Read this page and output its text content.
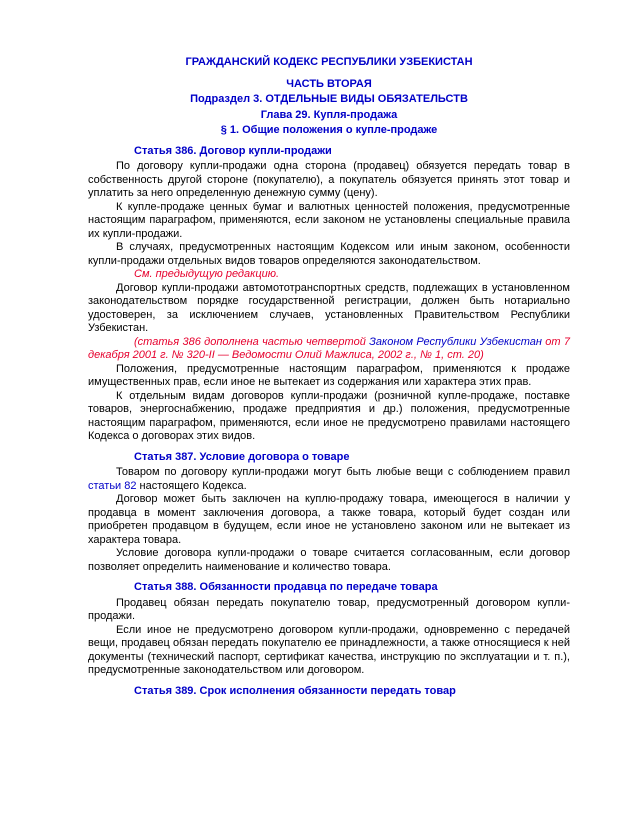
ГРАЖДАНСКИЙ КОДЕКС РЕСПУБЛИКИ УЗБЕКИСТАН
ЧАСТЬ ВТОРАЯ
Подраздел 3. ОТДЕЛЬНЫЕ ВИДЫ ОБЯЗАТЕЛЬСТВ
Глава 29. Купля-продажа
§ 1. Общие положения о купле-продаже
Статья 386. Договор купли-продажи

По договору купли-продажи одна сторона (продавец) обязуется передать товар в собственность другой стороне (покупателю), а покупатель обязуется принять этот товар и уплатить за него определенную денежную сумму (цену).

К купле-продаже ценных бумаг и валютных ценностей положения, предусмотренные настоящим параграфом, применяются, если законом не установлены специальные правила их купли-продажи.

В случаях, предусмотренных настоящим Кодексом или иным законом, особенности купли-продажи отдельных видов товаров определяются законодательством.

См. предыдущую редакцию.

Договор купли-продажи автомототранспортных средств, подлежащих в установленном законодательством порядке государственной регистрации, должен быть нотариально удостоверен, за исключением случаев, установленных Правительством Республики Узбекистан.

(статья 386 дополнена частью четвертой Законом Республики Узбекистан от 7 декабря 2001 г. № 320-II — Ведомости Олий Мажлиса, 2002 г., № 1, ст. 20)

Положения, предусмотренные настоящим параграфом, применяются к продаже имущественных прав, если иное не вытекает из содержания или характера этих прав.

К отдельным видам договоров купли-продажи (розничной купле-продаже, поставке товаров, энергоснабжению, продаже предприятия и др.) положения, предусмотренные настоящим параграфом, применяются, если иное не предусмотрено правилами настоящего Кодекса о договорах этих видов.

Статья 387. Условие договора о товаре

Товаром по договору купли-продажи могут быть любые вещи с соблюдением правил статьи 82 настоящего Кодекса.

Договор может быть заключен на куплю-продажу товара, имеющегося в наличии у продавца в момент заключения договора, а также товара, который будет создан или приобретен продавцом в будущем, если иное не установлено законом или не вытекает из характера товара.

Условие договора купли-продажи о товаре считается согласованным, если договор позволяет определить наименование и количество товара.

Статья 388. Обязанности продавца по передаче товара

Продавец обязан передать покупателю товар, предусмотренный договором купли-продажи.

Если иное не предусмотрено договором купли-продажи, одновременно с передачей вещи, продавец обязан передать покупателю ее принадлежности, а также относящиеся к ней документы (технический паспорт, сертификат качества, инструкцию по эксплуатации и т. п.), предусмотренные законодательством или договором.

Статья 389. Срок исполнения обязанности передать товар
